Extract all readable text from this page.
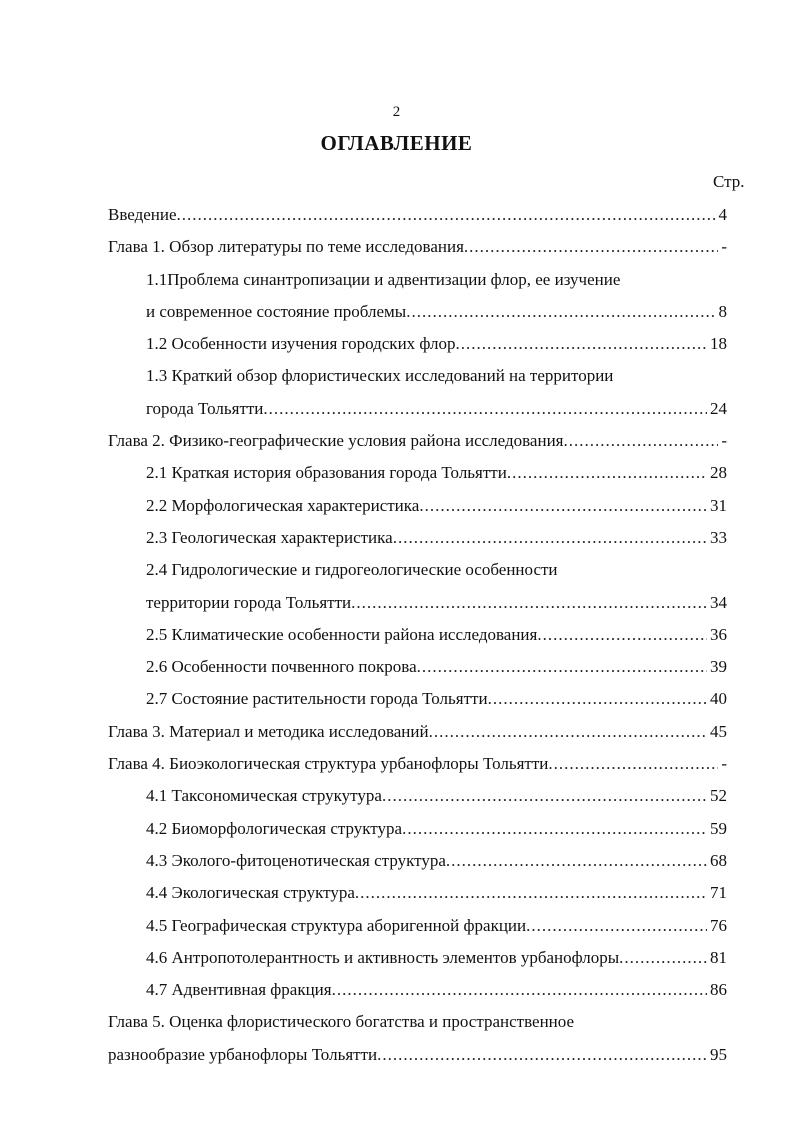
2
ОГЛАВЛЕНИЕ
Стр.
Введение .....	4
Глава 1. Обзор литературы по теме исследования .....	-
1.1Проблема синантропизации и адвентизации флор, ее изучение
и современное состояние проблемы .....	8
1.2 Особенности изучения городских флор .....	18
1.3 Краткий обзор флористических исследований на территории
города Тольятти .....	24
Глава 2. Физико-географические условия района исследования .....	-
2.1 Краткая история образования города Тольятти .....	28
2.2 Морфологическая характеристика .....	31
2.3 Геологическая характеристика .....	33
2.4 Гидрологические и гидрогеологические особенности
территории города Тольятти .....	34
2.5 Климатические особенности района исследования .....	36
2.6 Особенности почвенного покрова .....	39
2.7 Состояние растительности города Тольятти .....	40
Глава 3. Материал и методика исследований .....	45
Глава 4. Биоэкологическая структура урбанофлоры Тольятти .....	-
4.1 Таксономическая струкутура .....	52
4.2 Биоморфологическая структура .....	59
4.3 Эколого-фитоценотическая структура .....	68
4.4 Экологическая структура .....	71
4.5 Географическая структура аборигенной фракции .....	76
4.6 Антропотолерантность и активность элементов урбанофлоры .....	81
4.7 Адвентивная фракция .....	86
Глава 5. Оценка флористического богатства и пространственное
разнообразие урбанофлоры Тольятти .....	95
